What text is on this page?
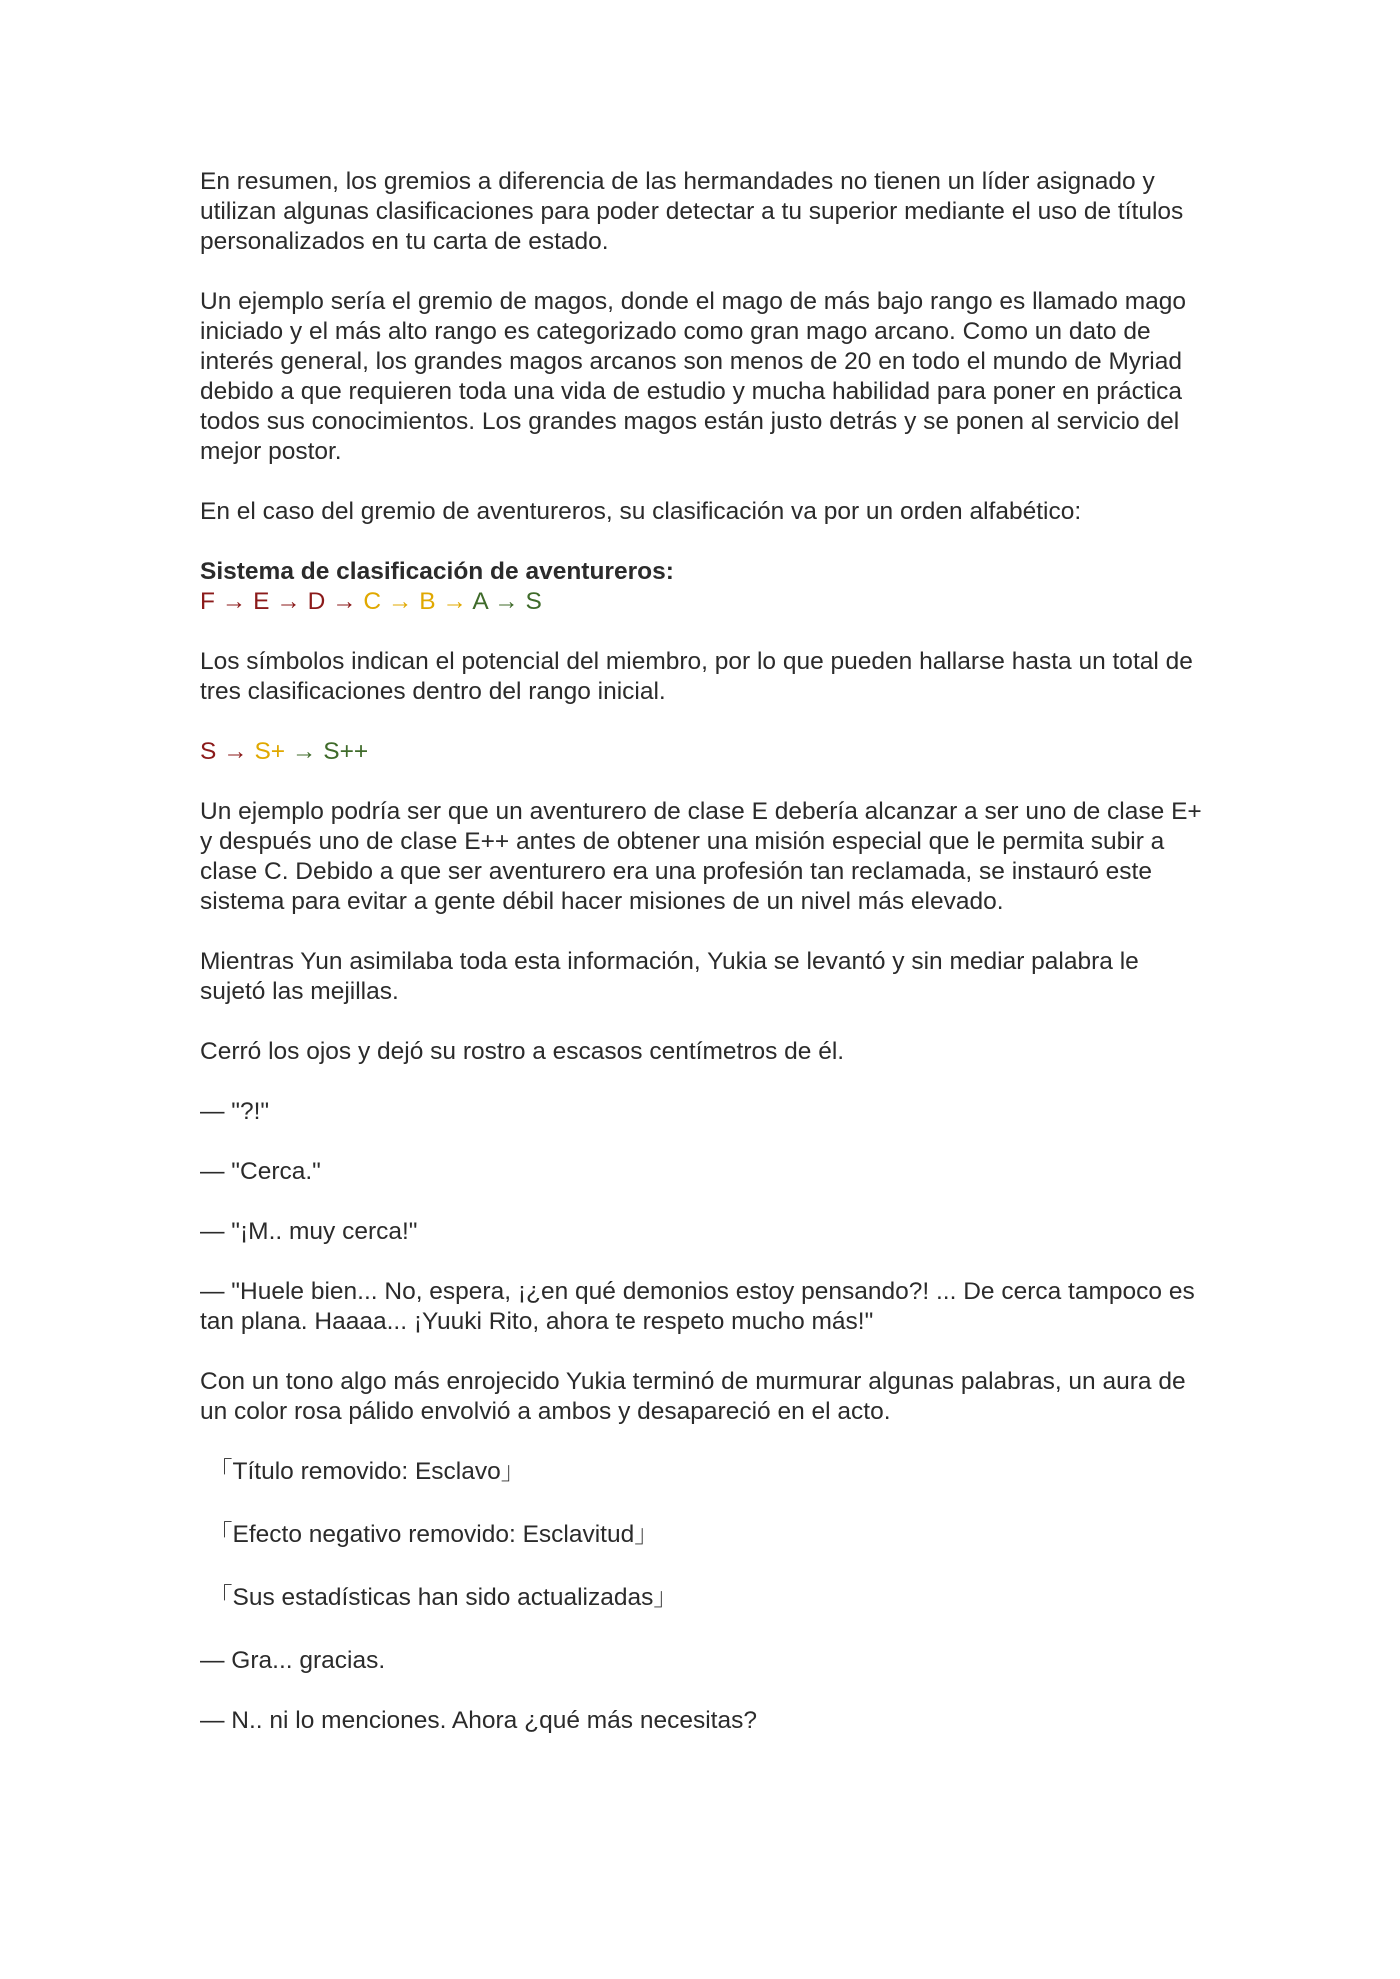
En resumen, los gremios a diferencia de las hermandades no tienen un líder asignado y utilizan algunas clasificaciones para poder detectar a tu superior mediante el uso de títulos personalizados en tu carta de estado.

Un ejemplo sería el gremio de magos, donde el mago de más bajo rango es llamado mago iniciado y el más alto rango es categorizado como gran mago arcano. Como un dato de interés general, los grandes magos arcanos son menos de 20 en todo el mundo de Myriad debido a que requieren toda una vida de estudio y mucha habilidad para poner en práctica todos sus conocimientos. Los grandes magos están justo detrás y se ponen al servicio del mejor postor.

En el caso del gremio de aventureros, su clasificación va por un orden alfabético:

Sistema de clasificación de aventureros:

F → E → D → C → B → A → S

Los símbolos indican el potencial del miembro, por lo que pueden hallarse hasta un total de tres clasificaciones dentro del rango inicial.

S → S+ → S++

Un ejemplo podría ser que un aventurero de clase E debería alcanzar a ser uno de clase E+ y después uno de clase E++ antes de obtener una misión especial que le permita subir a clase C. Debido a que ser aventurero era una profesión tan reclamada, se instauró este sistema para evitar a gente débil hacer misiones de un nivel más elevado.

Mientras Yun asimilaba toda esta información, Yukia se levantó y sin mediar palabra le sujetó las mejillas.

Cerró los ojos y dejó su rostro a escasos centímetros de él.

— "?!"

— "Cerca."

— "¡M.. muy cerca!"

— "Huele bien... No, espera, ¡¿en qué demonios estoy pensando?! ... De cerca tampoco es tan plana. Haaaa... ¡Yuuki Rito, ahora te respeto mucho más!"

Con un tono algo más enrojecido Yukia terminó de murmurar algunas palabras, un aura de un color rosa pálido envolvió a ambos y desapareció en el acto.

「Título removido: Esclavo」

「Efecto negativo removido: Esclavitud」

「Sus estadísticas han sido actualizadas」

— Gra... gracias.

— N.. ni lo menciones. Ahora ¿qué más necesitas?
